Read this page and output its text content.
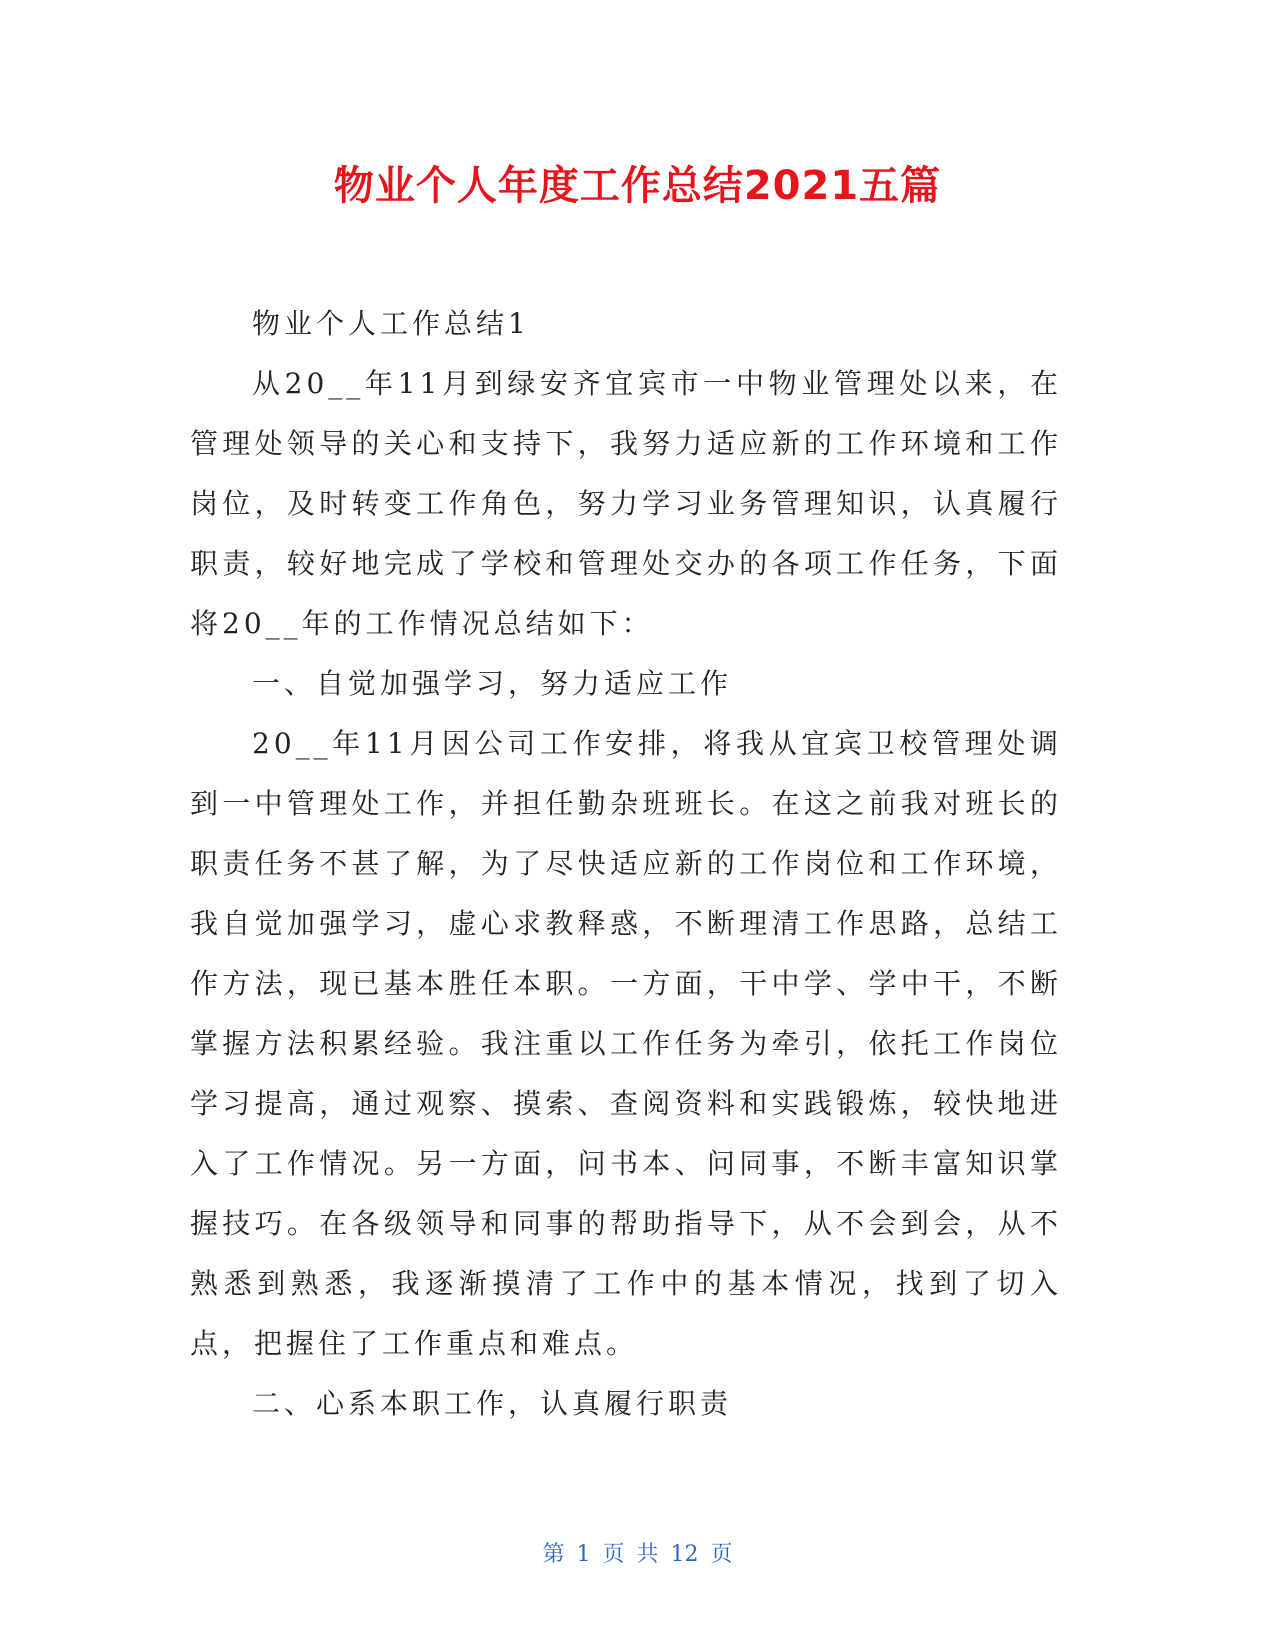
物业个人年度工作总结2021五篇

物业个人工作总结1

从20__年11月到绿安齐宜宾市一中物业管理处以来，在管理处领导的关心和支持下，我努力适应新的工作环境和工作岗位，及时转变工作角色，努力学习业务管理知识，认真履行职责，较好地完成了学校和管理处交办的各项工作任务，下面将20__年的工作情况总结如下：

一、自觉加强学习，努力适应工作

20__年11月因公司工作安排，将我从宜宾卫校管理处调到一中管理处工作，并担任勤杂班班长。在这之前我对班长的职责任务不甚了解，为了尽快适应新的工作岗位和工作环境，我自觉加强学习，虚心求教释惑，不断理清工作思路，总结工作方法，现已基本胜任本职。一方面，干中学、学中干，不断掌握方法积累经验。我注重以工作任务为牵引，依托工作岗位学习提高，通过观察、摸索、查阅资料和实践锻炼，较快地进入了工作情况。另一方面，问书本、问同事，不断丰富知识掌握技巧。在各级领导和同事的帮助指导下，从不会到会，从不熟悉到熟悉，我逐渐摸清了工作中的基本情况，找到了切入点，把握住了工作重点和难点。

二、心系本职工作，认真履行职责

第 1 页 共 12 页
